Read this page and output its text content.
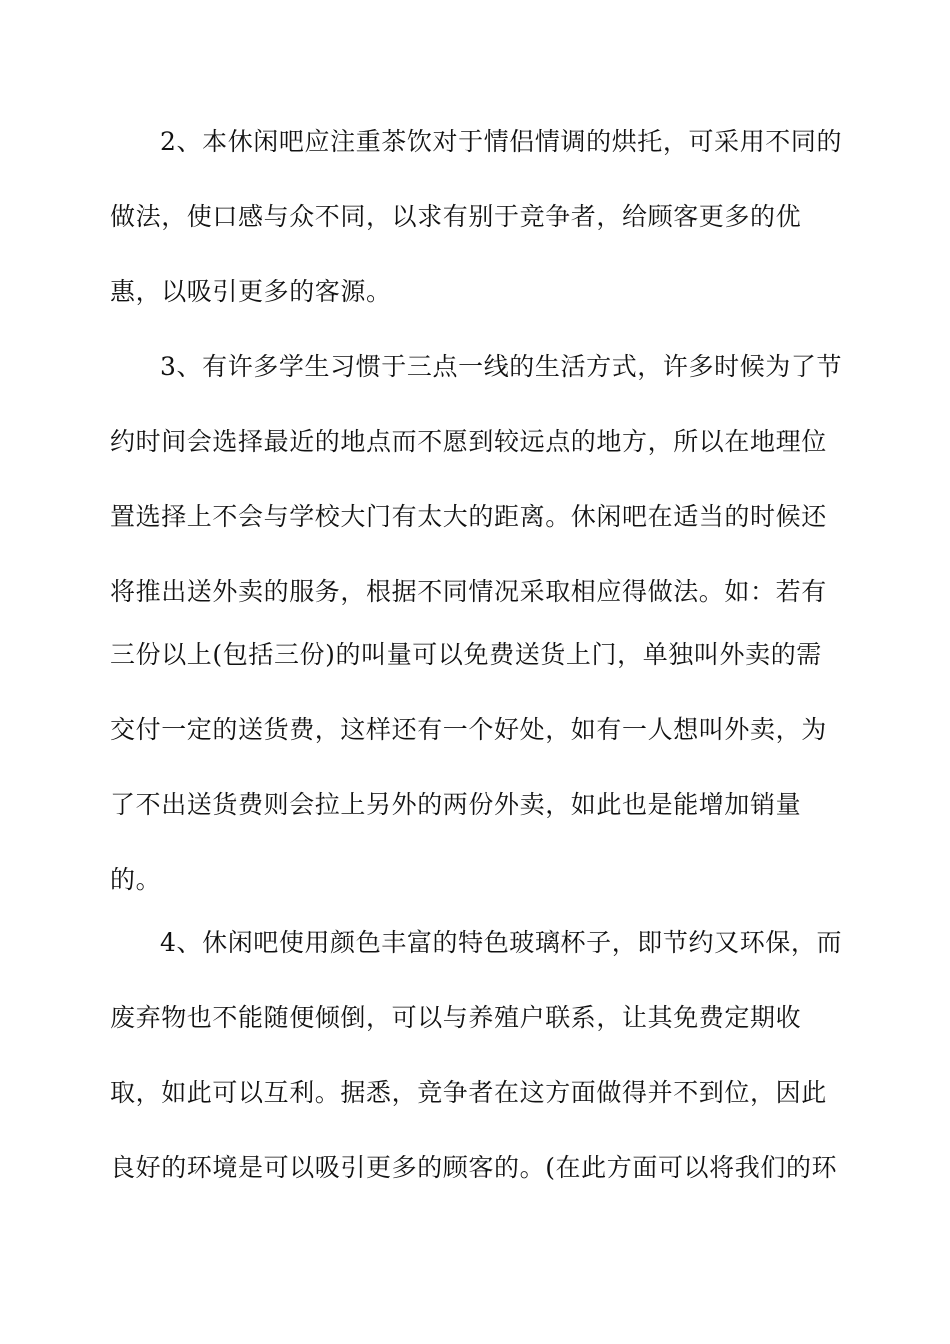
2、本休闲吧应注重茶饮对于情侣情调的烘托，可采用不同的
做法，使口感与众不同，以求有别于竞争者，给顾客更多的优
惠，以吸引更多的客源。
3、有许多学生习惯于三点一线的生活方式，许多时候为了节
约时间会选择最近的地点而不愿到较远点的地方，所以在地理位
置选择上不会与学校大门有太大的距离。休闲吧在适当的时候还
将推出送外卖的服务，根据不同情况采取相应得做法。如：若有
三份以上(包括三份)的叫量可以免费送货上门，单独叫外卖的需
交付一定的送货费，这样还有一个好处，如有一人想叫外卖，为
了不出送货费则会拉上另外的两份外卖，如此也是能增加销量
的。
4、休闲吧使用颜色丰富的特色玻璃杯子，即节约又环保，而
废弃物也不能随便倾倒，可以与养殖户联系，让其免费定期收
取，如此可以互利。据悉，竞争者在这方面做得并不到位，因此
良好的环境是可以吸引更多的顾客的。(在此方面可以将我们的环
